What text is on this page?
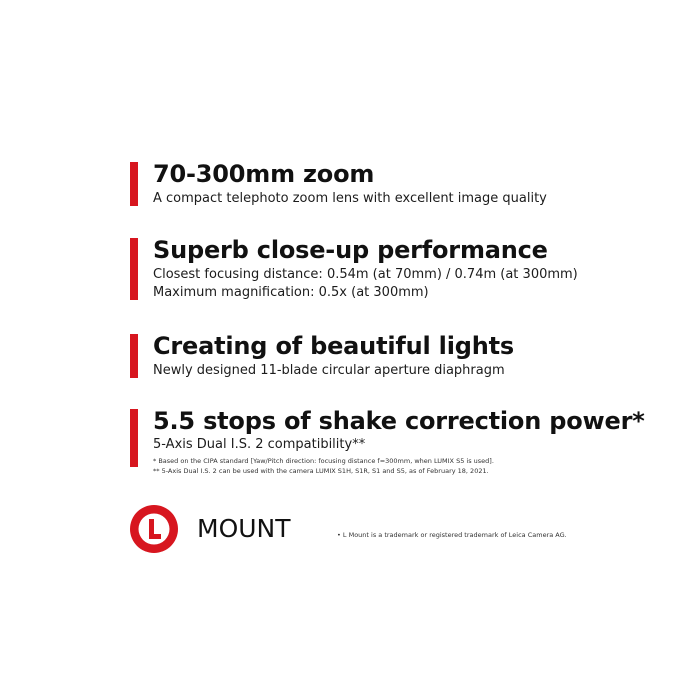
70-300mm zoom
A compact telephoto zoom lens with excellent image quality
Superb close-up performance
Closest focusing distance: 0.54m (at 70mm) / 0.74m (at 300mm)
Maximum magnification: 0.5x (at 300mm)
Creating of beautiful lights
Newly designed 11-blade circular aperture diaphragm
5.5 stops of shake correction power*
5-Axis Dual I.S. 2 compatibility**
* Based on the CIPA standard [Yaw/Pitch direction: focusing distance f=300mm, when LUMIX S5 is used].
** 5-Axis Dual I.S. 2 can be used with the camera LUMIX S1H, S1R, S1 and S5, as of February 18, 2021.
MOUNT	• L Mount is a trademark or registered trademark of Leica Camera AG.
